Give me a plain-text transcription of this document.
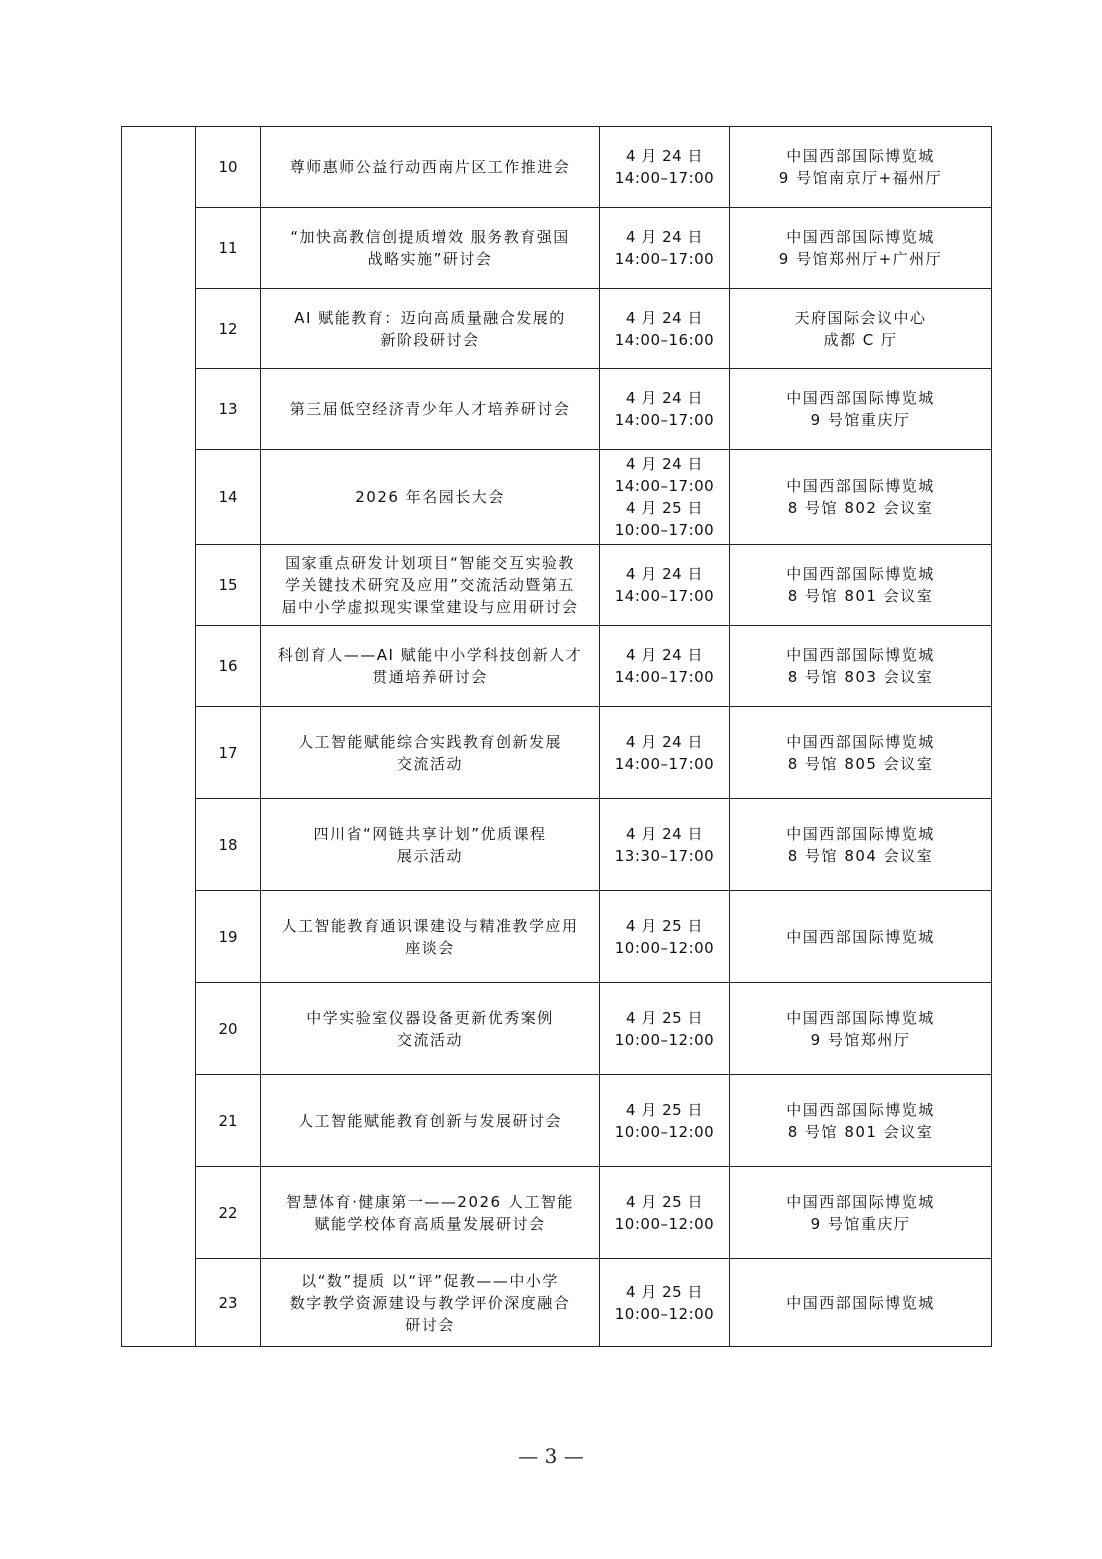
	10	尊师惠师公益行动西南片区工作推进会	4 月 24 日
14:00–17:00	中国西部国际博览城
9 号馆南京厅+福州厅

	11	“加快高教信创提质增效 服务教育强国
战略实施”研讨会	4 月 24 日
14:00–17:00	中国西部国际博览城
9 号馆郑州厅+广州厅

	12	AI 赋能教育：迈向高质量融合发展的
新阶段研讨会	4 月 24 日
14:00–16:00	天府国际会议中心
成都 C 厅

	13	第三届低空经济青少年人才培养研讨会	4 月 24 日
14:00–17:00	中国西部国际博览城
9 号馆重庆厅

	14	2026 年名园长大会	4 月 24 日
14:00–17:00
4 月 25 日
10:00–17:00	中国西部国际博览城
8 号馆 802 会议室

	15	国家重点研发计划项目“智能交互实验教
学关键技术研究及应用”交流活动暨第五
届中小学虚拟现实课堂建设与应用研讨会	4 月 24 日
14:00–17:00	中国西部国际博览城
8 号馆 801 会议室

	16	科创育人——AI 赋能中小学科技创新人才
贯通培养研讨会	4 月 24 日
14:00–17:00	中国西部国际博览城
8 号馆 803 会议室

	17	人工智能赋能综合实践教育创新发展
交流活动	4 月 24 日
14:00–17:00	中国西部国际博览城
8 号馆 805 会议室

	18	四川省“网链共享计划”优质课程
展示活动	4 月 24 日
13:30–17:00	中国西部国际博览城
8 号馆 804 会议室

	19	人工智能教育通识课建设与精准教学应用
座谈会	4 月 25 日
10:00–12:00	中国西部国际博览城

	20	中学实验室仪器设备更新优秀案例
交流活动	4 月 25 日
10:00–12:00	中国西部国际博览城
9 号馆郑州厅

	21	人工智能赋能教育创新与发展研讨会	4 月 25 日
10:00–12:00	中国西部国际博览城
8 号馆 801 会议室

	22	智慧体育·健康第一——2026 人工智能
赋能学校体育高质量发展研讨会	4 月 25 日
10:00–12:00	中国西部国际博览城
9 号馆重庆厅

	23	以“数”提质 以“评”促教——中小学
数字教学资源建设与教学评价深度融合
研讨会	4 月 25 日
10:00–12:00	中国西部国际博览城
— 3 —
